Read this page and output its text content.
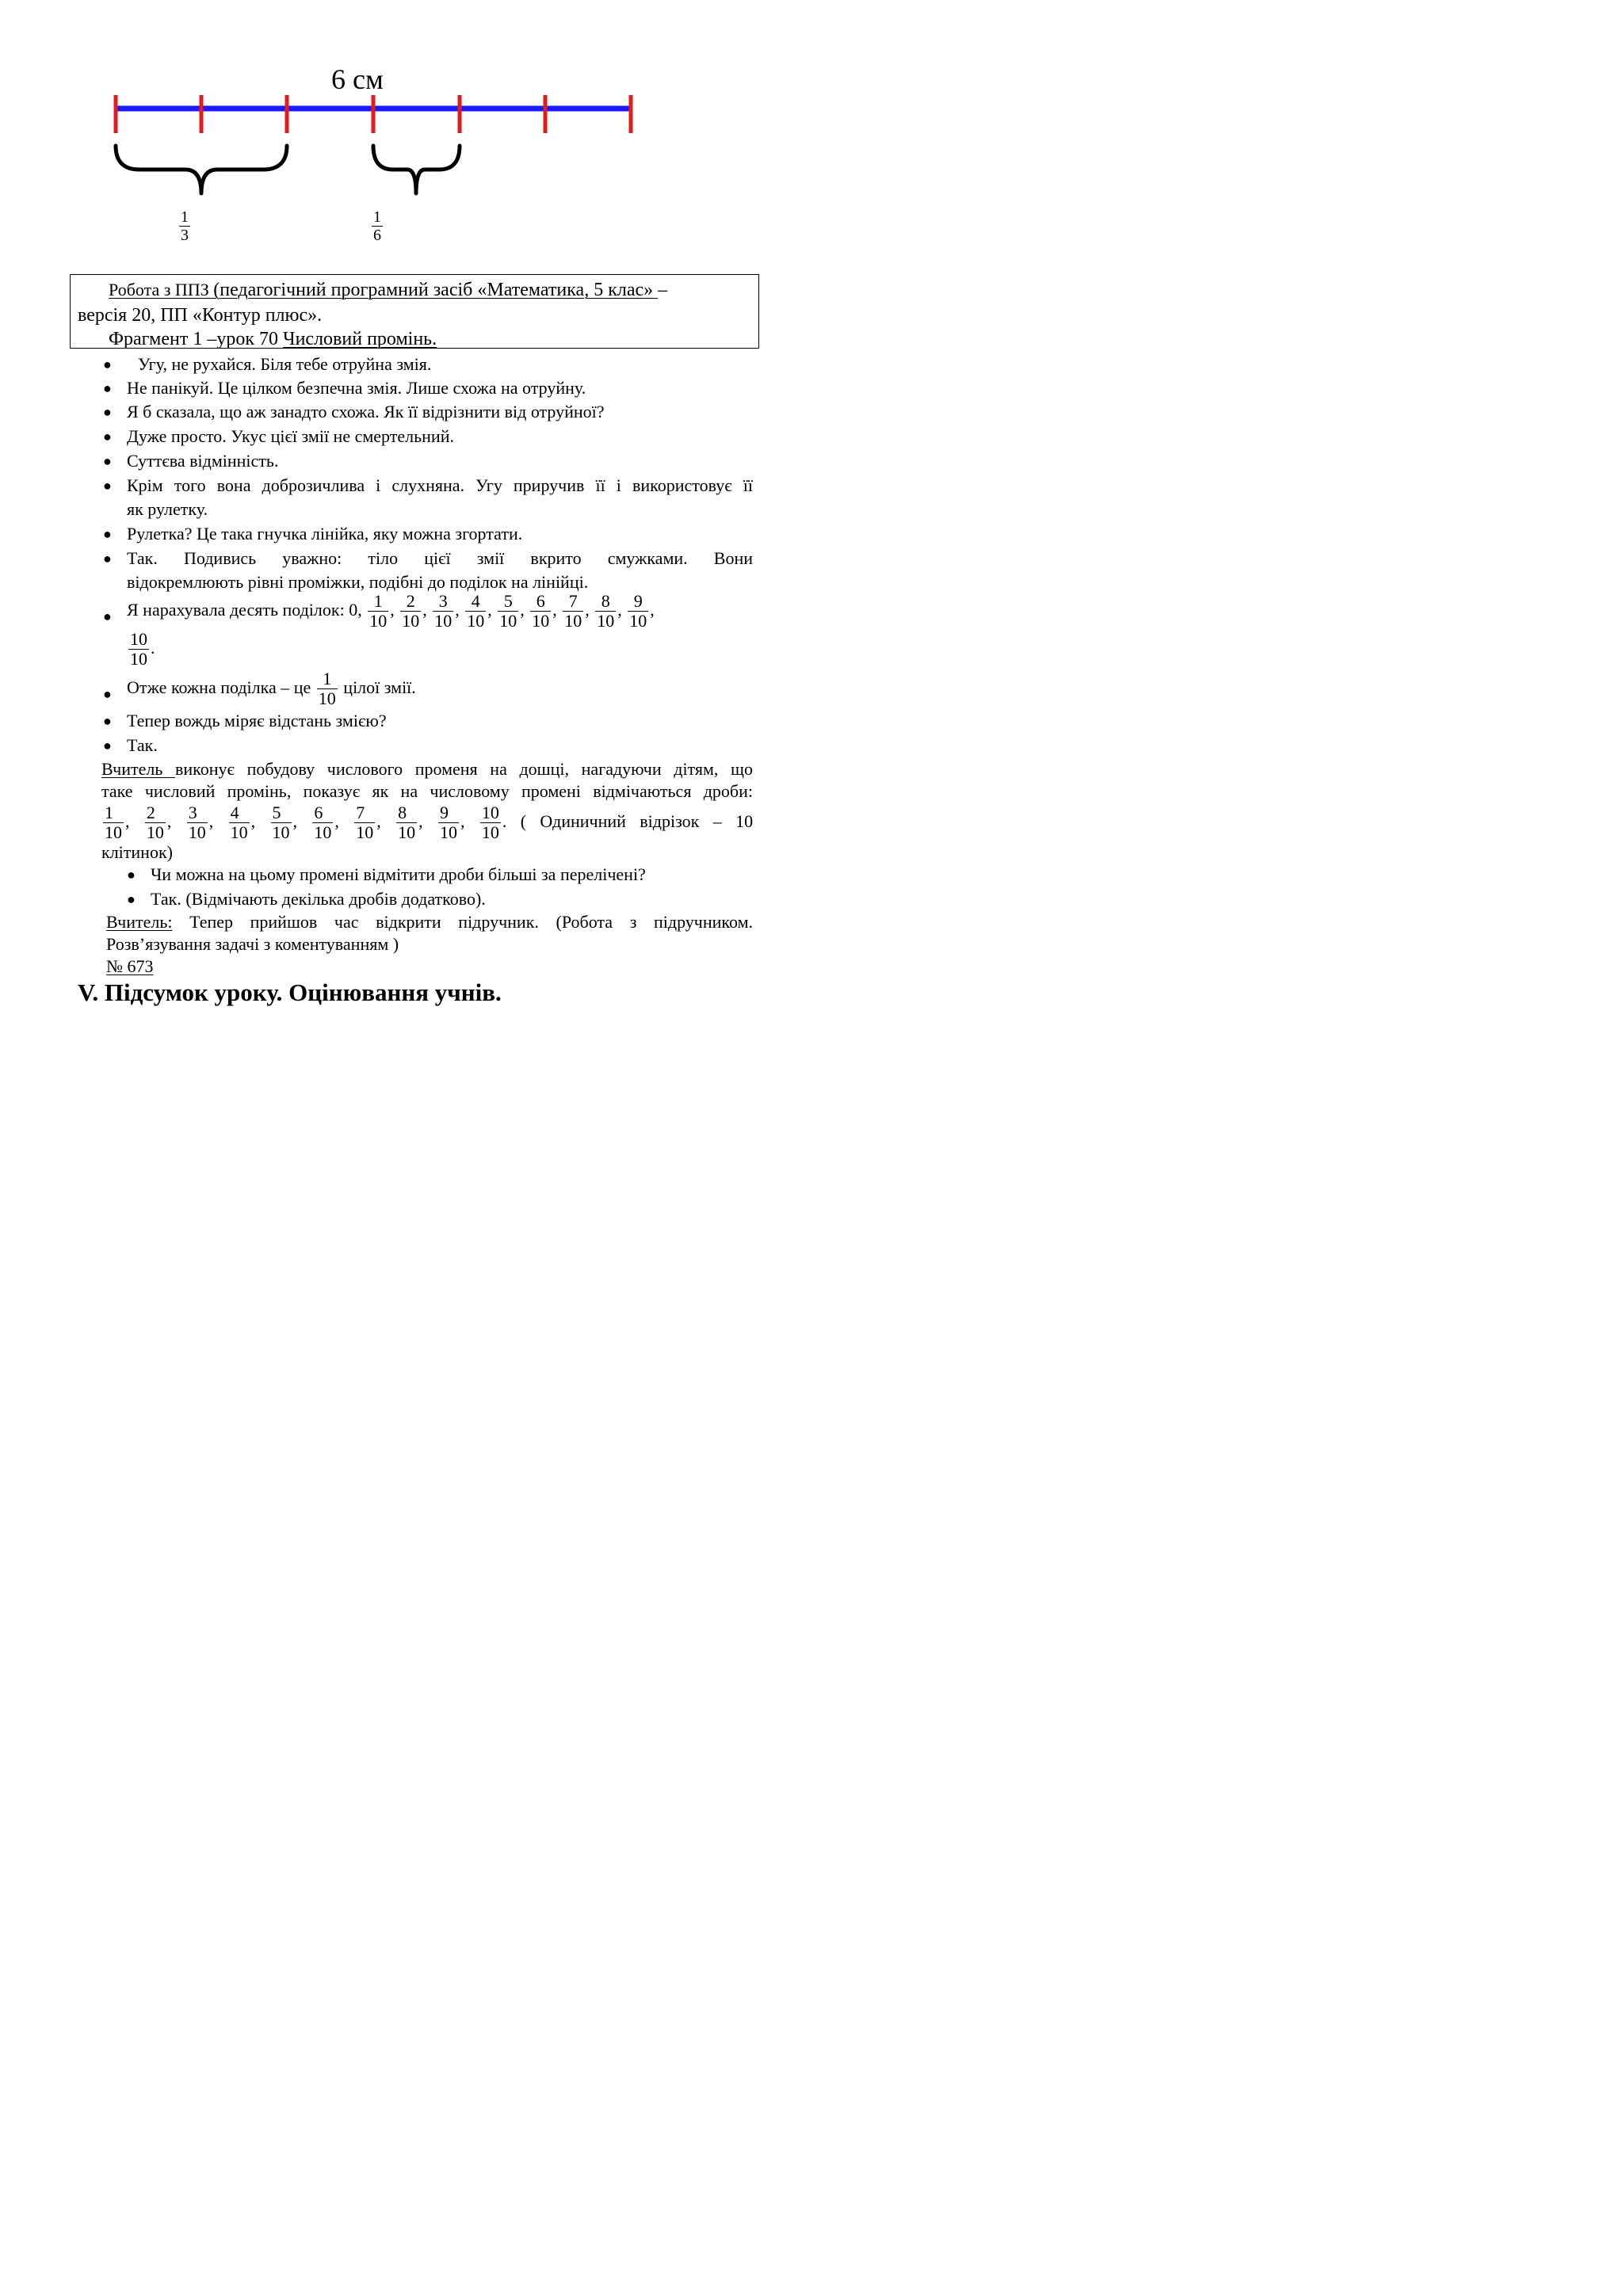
6 см
$\frac{1}{3}$	$\frac{1}{6}$
Робота з ППЗ (педагогічний програмний засіб «Математика, 5 клас» –
версія 20, ПП «Контур плюс».
Фрагмент 1 –урок 70 Числовий промінь.
● Угу, не рухайся. Біля тебе отруйна змія.
● Не панікуй. Це цілком безпечна змія. Лише схожа на отруйну.
● Я б сказала, що аж занадто схожа. Як її відрізнити від отруйної?
● Дуже просто. Укус цієї змії не смертельний.
● Суттєва відмінність.
● Крім того вона доброзичлива і слухняна. Угу приручив її і використовує її
як рулетку.
● Рулетка? Це така гнучка лінійка, яку можна згортати.
● Так. Подивись уважно: тіло цієї змії вкрито смужками. Вони
відокремлюють рівні проміжки, подібні до поділок на лінійці.
● Я нарахувала десять поділок: 0, $\frac{1}{10}$ , $\frac{2}{10}$ , $\frac{3}{10}$ , $\frac{4}{10}$ , $\frac{5}{10}$ , $\frac{6}{10}$ , $\frac{7}{10}$ , $\frac{8}{10}$ , $\frac{9}{10}$ ,
$\frac{10}{10}$ .
● Отже кожна поділка – це $\frac{1}{10}$ цілої змії.
● Тепер вождь міряє відстань змією?
● Так.
Вчитель виконує побудову числового променя на дошці, нагадуючи дітям, що
таке числовий промінь, показує як на числовому промені відмічаються дроби:
$\frac{1}{10}$ , $\frac{2}{10}$ , $\frac{3}{10}$ , $\frac{4}{10}$ , $\frac{5}{10}$ , $\frac{6}{10}$ , $\frac{7}{10}$ , $\frac{8}{10}$ , $\frac{9}{10}$ , $\frac{10}{10}$ . ( Одиничний відрізок – 10
клітинок)
● Чи можна на цьому промені відмітити дроби більші за перелічені?
● Так. (Відмічають декілька дробів додатково).
Вчитель: Тепер прийшов час відкрити підручник. (Робота з підручником.
Розв’язування задачі з коментуванням )
№ 673
V. Підсумок уроку. Оцінювання учнів.
